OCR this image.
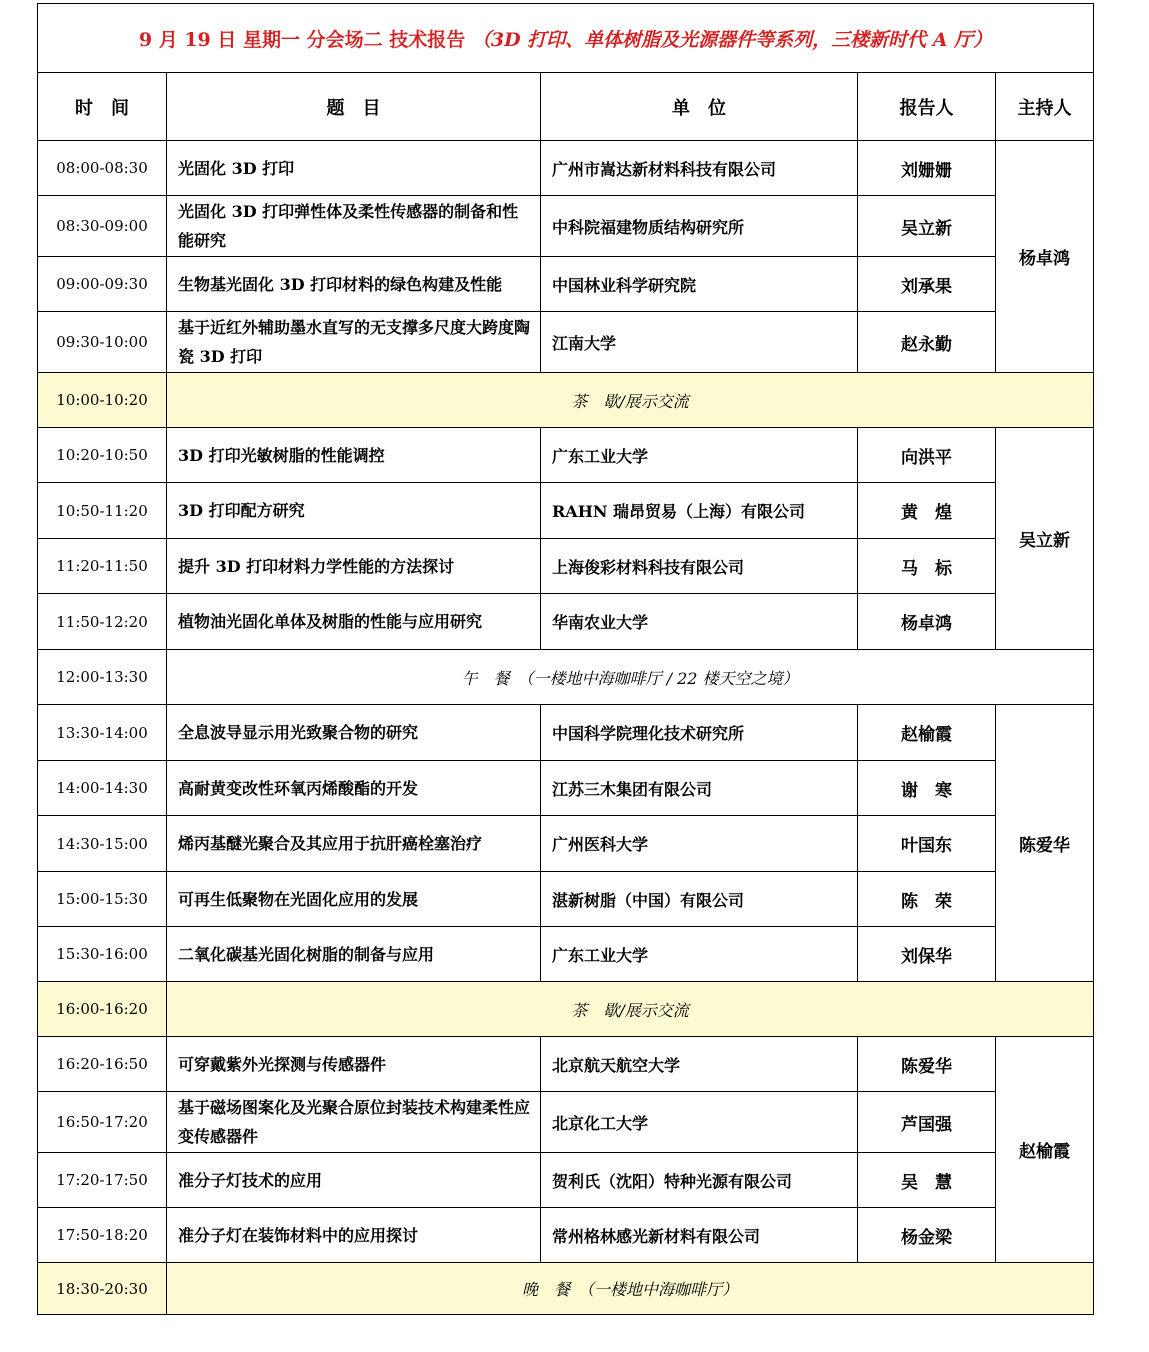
9 月 19 日 星期一 分会场二 技术报告 （3D 打印、单体树脂及光源器件等系列，三楼新时代 A 厅）				
时　间	题　目	单　位	报告人	主持人
08:00-08:30	光固化 3D 打印	广州市嵩达新材料科技有限公司	刘姗姗	杨卓鸿
08:30-09:00	光固化 3D 打印弹性体及柔性传感器的制备和性能研究	中科院福建物质结构研究所	吴立新	
09:00-09:30	生物基光固化 3D 打印材料的绿色构建及性能	中国林业科学研究院	刘承果	
09:30-10:00	基于近红外辅助墨水直写的无支撑多尺度大跨度陶瓷 3D 打印	江南大学	赵永勤	
10:00-10:20	茶　歇/展示交流			
10:20-10:50	3D 打印光敏树脂的性能调控	广东工业大学	向洪平	吴立新
10:50-11:20	3D 打印配方研究	RAHN 瑞昂贸易（上海）有限公司	黄　煌	
11:20-11:50	提升 3D 打印材料力学性能的方法探讨	上海俊彩材料科技有限公司	马　标	
11:50-12:20	植物油光固化单体及树脂的性能与应用研究	华南农业大学	杨卓鸿	
12:00-13:30	午　餐　（一楼地中海咖啡厅 / 22 楼天空之境）			
13:30-14:00	全息波导显示用光致聚合物的研究	中国科学院理化技术研究所	赵榆霞	陈爱华
14:00-14:30	高耐黄变改性环氧丙烯酸酯的开发	江苏三木集团有限公司	谢　寒	
14:30-15:00	烯丙基醚光聚合及其应用于抗肝癌栓塞治疗	广州医科大学	叶国东	
15:00-15:30	可再生低聚物在光固化应用的发展	湛新树脂（中国）有限公司	陈　荣	
15:30-16:00	二氧化碳基光固化树脂的制备与应用	广东工业大学	刘保华	
16:00-16:20	茶　歇/展示交流			
16:20-16:50	可穿戴紫外光探测与传感器件	北京航天航空大学	陈爱华	赵榆霞
16:50-17:20	基于磁场图案化及光聚合原位封装技术构建柔性应变传感器件	北京化工大学	芦国强	
17:20-17:50	准分子灯技术的应用	贺利氏（沈阳）特种光源有限公司	吴　慧	
17:50-18:20	准分子灯在装饰材料中的应用探讨	常州格林感光新材料有限公司	杨金梁	
18:30-20:30	晚　餐　（一楼地中海咖啡厅）			
